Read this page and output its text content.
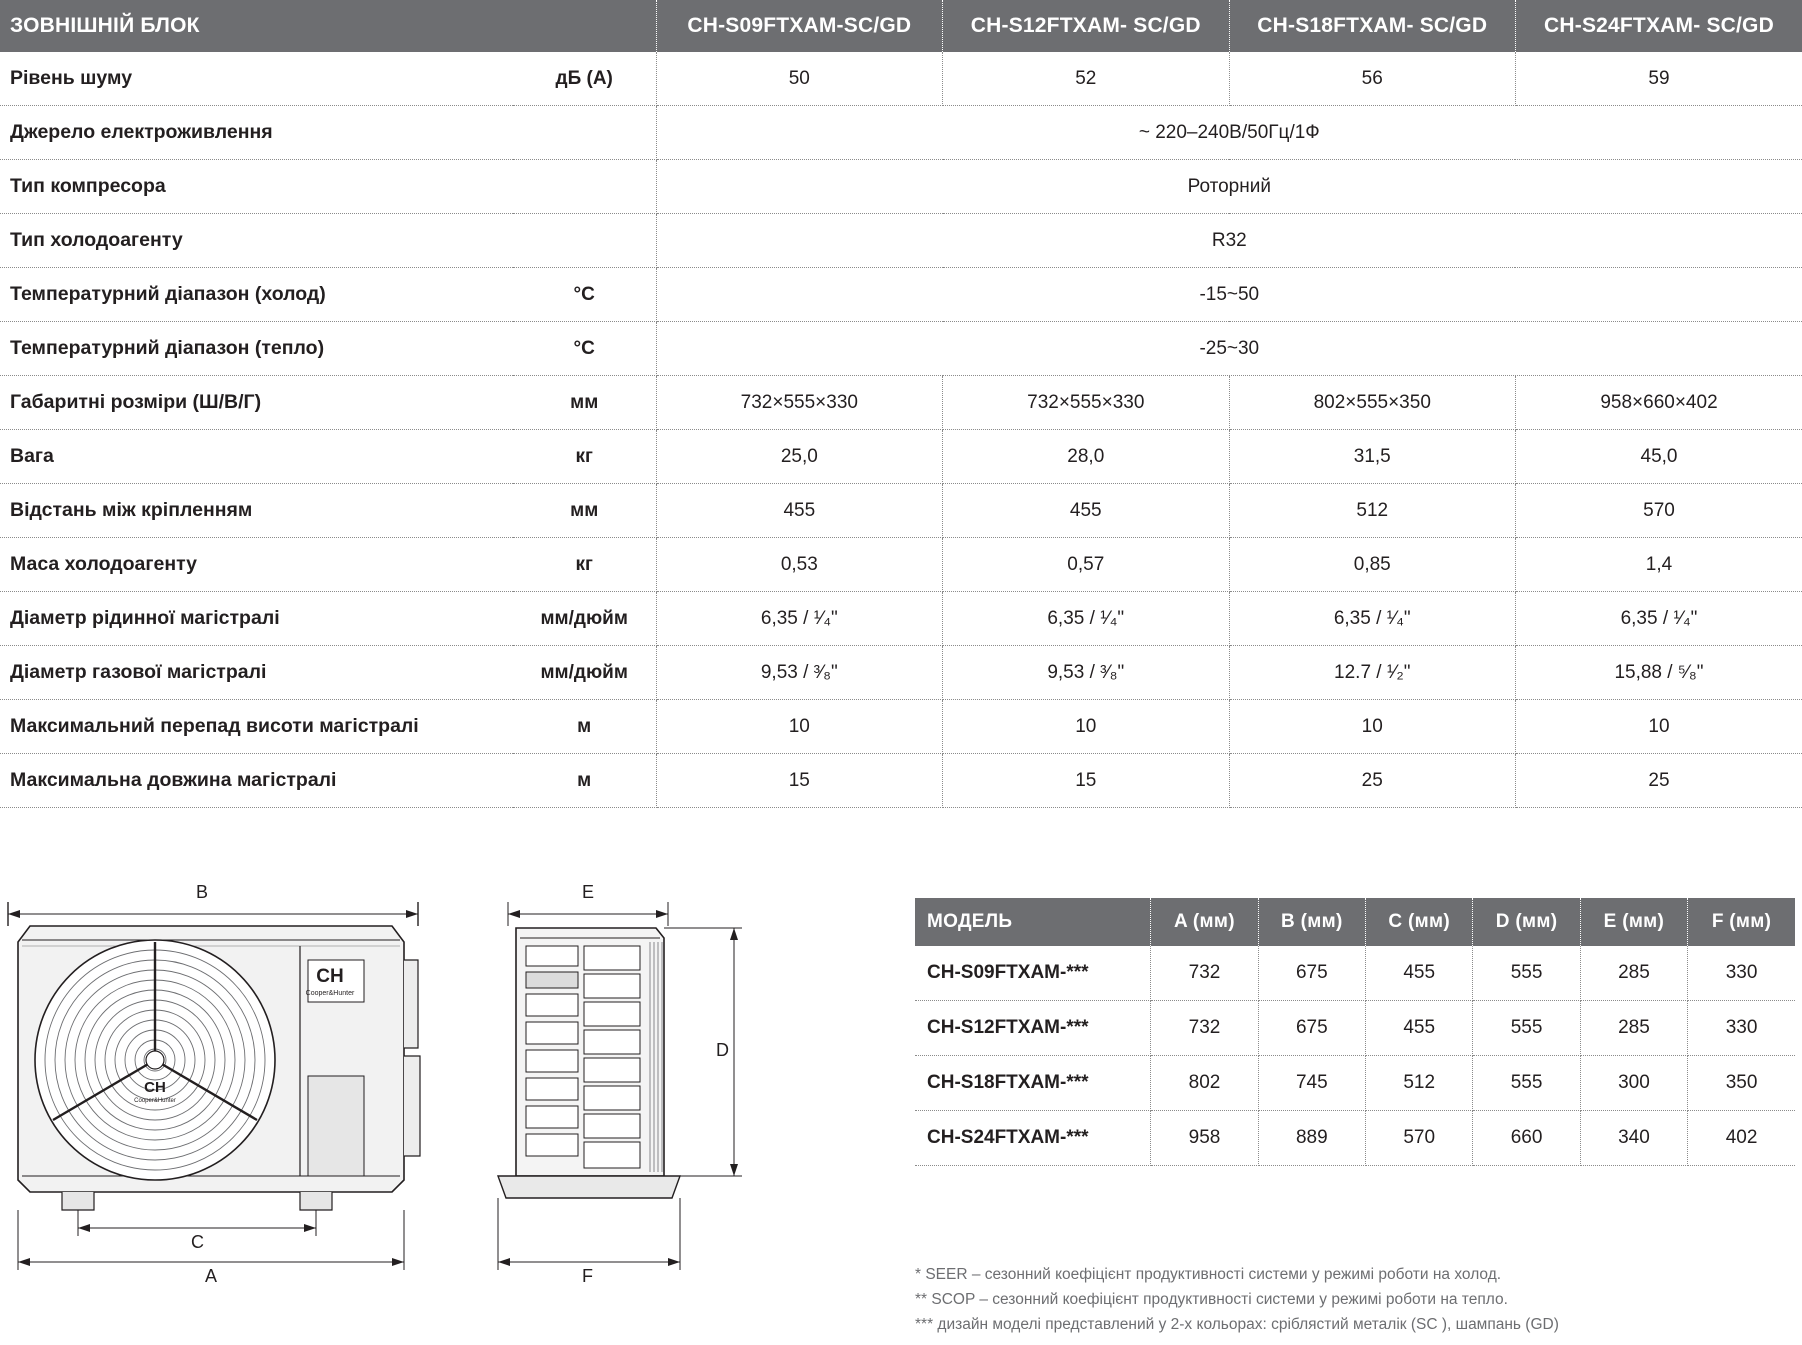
ЗОВНІШНІЙ БЛОК		CH-S09FTXAM-SC/GD	CH-S12FTXAM- SC/GD	CH-S18FTXAM- SC/GD	CH-S24FTXAM- SC/GD
Рівень шуму	дБ (А)	50	52	56	59
Джерело електроживлення		~ 220–240В/50Гц/1Ф			
Тип компресора		Роторний			
Тип холодоагенту		R32			
Температурний діапазон (холод)	°C	-15~50			
Температурний діапазон (тепло)	°C	-25~30			
Габаритні розміри (Ш/В/Г)	мм	732×555×330	732×555×330	802×555×350	958×660×402
Вага	кг	25,0	28,0	31,5	45,0
Відстань між кріпленням	мм	455	455	512	570
Маса холодоагенту	кг	0,53	0,57	0,85	1,4
Діаметр рідинної магістралі	мм/дюйм	6,35 / ¹⁄₄"	6,35 / ¹⁄₄"	6,35 / ¹⁄₄"	6,35 / ¹⁄₄"
Діаметр газової магістралі	мм/дюйм	9,53 / ³⁄₈"	9,53 / ³⁄₈"	12.7 / ¹⁄₂"	15,88 / ⁵⁄₈"
Максимальний перепад висоти магістралі	м	10	10	10	10
Максимальна довжина магістралі	м	15	15	25	25
CH
Cooper&Hunter
CH
Cooper&Hunter
B
C
A
E
D
F
МОДЕЛЬ	A (мм)	B (мм)	C (мм)	D (мм)	E (мм)	F (мм)
CH-S09FTXAM-***	732	675	455	555	285	330
CH-S12FTXAM-***	732	675	455	555	285	330
CH-S18FTXAM-***	802	745	512	555	300	350
CH-S24FTXAM-***	958	889	570	660	340	402
* SEER – сезонний коефіцієнт продуктивності системи у режимі роботи на холод.
** SCOP – сезонний коефіцієнт продуктивності системи у режимі роботи на тепло.
*** дизайн моделі представлений у 2-х кольорах: сріблястий металік (SC ), шампань (GD)
